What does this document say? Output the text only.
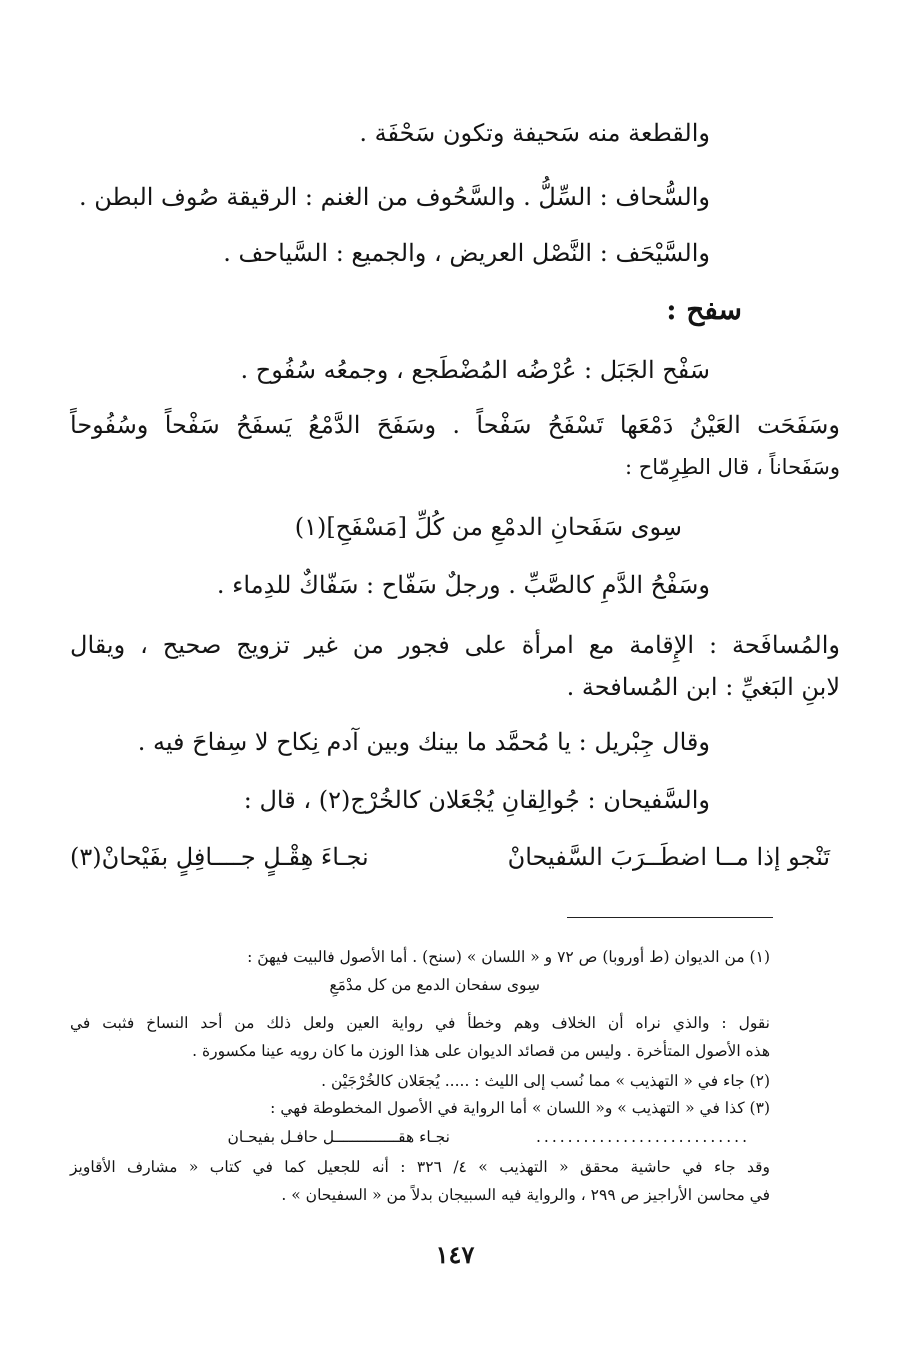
والقطعة منه سَحيفة وتكون سَحْفَة .
والسُّحاف : السِّلُّ . والسَّحُوف من الغنم : الرقيقة صُوف البطن .
والسَّيْحَف : النَّصْل العريض ، والجميع : السَّياحف .
سفح :
سَفْح الجَبَل : عُرْضُه المُضْطَجع ، وجمعُه سُفُوح .
وسَفَحَت العَيْنُ دَمْعَها تَسْفَحُ سَفْحاً . وسَفَحَ الدَّمْعُ يَسفَحُ سَفْحاً وسُفُوحاً
وسَفَحاناً ، قال الطِرِمّاح :
سِوى سَفَحانِ الدمْعِ من كُلِّ [مَسْفَحِ](١)
وسَفْحُ الدَّمِ كالصَّبِّ . ورجلٌ سَفّاح : سَفّاكٌ للدِماء .
والمُسافَحة : الإِقامة مع امرأة على فجور من غير تزويج صحيح ، ويقال
لابنِ البَغيِّ : ابن المُسافحة .
وقال جِبْريل : يا مُحمَّد ما بينك وبين آدم نِكاح لا سِفاحَ فيه .
والسَّفيحان : جُوالِقانِ يُجْعَلان كالخُرْج(٢) ، قال :
تَنْجو إذا مــا اضطَــرَبَ السَّفيحانْ
نجـاءَ هِقْـلٍ جــــافِلٍ بفَيْحانْ(٣)
(١) من الديوان (ط أوروبا) ص ٧٢ و « اللسان » (سنح) . أما الأصول فالبيت فيهنَ :
سِوى سفحان الدمع من كل مدْمَعِ
نقول : والذي نراه أن الخلاف وهم وخطأ في رواية العين ولعل ذلك من أحد النساخ فثبت في
هذه الأصول المتأخرة . وليس من قصائد الديوان على هذا الوزن ما كان رويه عينا مكسورة .
(٢) جاء في « التهذيب » مما نُسب إلى الليث : ..... يُجعَلان كالخُرْجَيْن .
(٣) كذا في « التهذيب » و« اللسان » أما الرواية في الأصول المخطوطة فهي :
نجـاء هقــــــــــــــل حافـل بفيحـان	...........................
وقد جاء في حاشية محقق « التهذيب » ٤/ ٣٢٦ : أنه للجعيل كما في كتاب « مشارف الأقاويز
في محاسن الأراجيز ص ٢٩٩ ، والرواية فيه السبيجان بدلاً من « السفيحان » .
١٤٧
